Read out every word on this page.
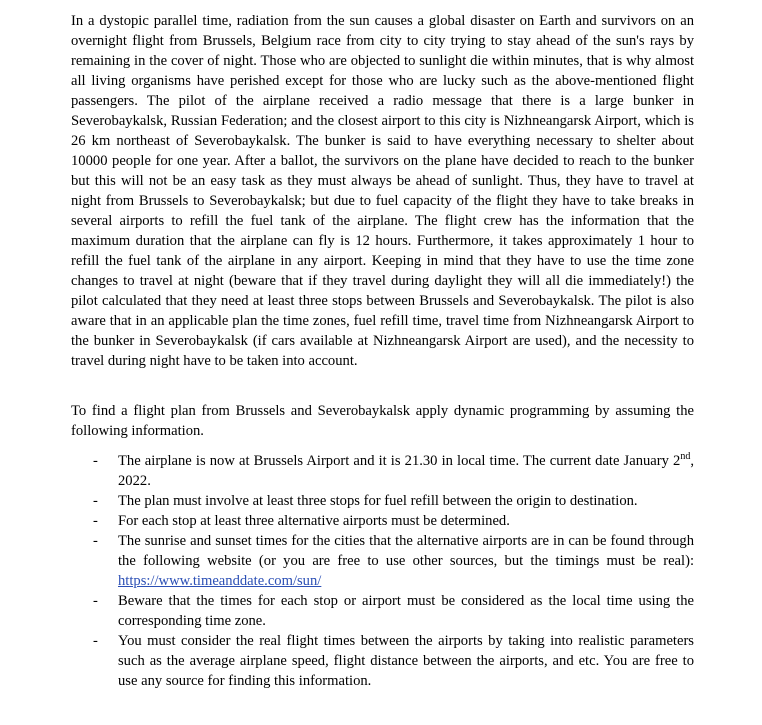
In a dystopic parallel time, radiation from the sun causes a global disaster on Earth and survivors on an overnight flight from Brussels, Belgium race from city to city trying to stay ahead of the sun's rays by remaining in the cover of night. Those who are objected to sunlight die within minutes, that is why almost all living organisms have perished except for those who are lucky such as the above-mentioned flight passengers. The pilot of the airplane received a radio message that there is a large bunker in Severobaykalsk, Russian Federation; and the closest airport to this city is Nizhneangarsk Airport, which is 26 km northeast of Severobaykalsk. The bunker is said to have everything necessary to shelter about 10000 people for one year. After a ballot, the survivors on the plane have decided to reach to the bunker but this will not be an easy task as they must always be ahead of sunlight. Thus, they have to travel at night from Brussels to Severobaykalsk; but due to fuel capacity of the flight they have to take breaks in several airports to refill the fuel tank of the airplane. The flight crew has the information that the maximum duration that the airplane can fly is 12 hours. Furthermore, it takes approximately 1 hour to refill the fuel tank of the airplane in any airport. Keeping in mind that they have to use the time zone changes to travel at night (beware that if they travel during daylight they will all die immediately!) the pilot calculated that they need at least three stops between Brussels and Severobaykalsk. The pilot is also aware that in an applicable plan the time zones, fuel refill time, travel time from Nizhneangarsk Airport to the bunker in Severobaykalsk (if cars available at Nizhneangarsk Airport are used), and the necessity to travel during night have to be taken into account.

To find a flight plan from Brussels and Severobaykalsk apply dynamic programming by assuming the following information.

- The airplane is now at Brussels Airport and it is 21.30 in local time. The current date January 2nd, 2022.
- The plan must involve at least three stops for fuel refill between the origin to destination.
- For each stop at least three alternative airports must be determined.
- The sunrise and sunset times for the cities that the alternative airports are in can be found through the following website (or you are free to use other sources, but the timings must be real): https://www.timeanddate.com/sun/
- Beware that the times for each stop or airport must be considered as the local time using the corresponding time zone.
- You must consider the real flight times between the airports by taking into realistic parameters such as the average airplane speed, flight distance between the airports, and etc. You are free to use any source for finding this information.
